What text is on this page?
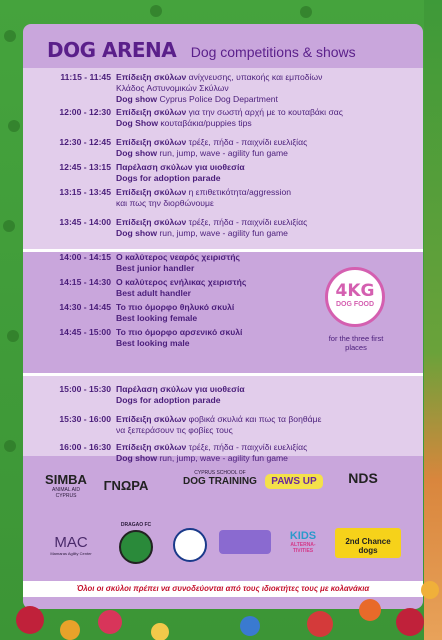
DOG ARENA Dog competitions & shows
11:15 - 11:45 Επίδειξη σκύλων ανίχνευσης, υπακοής και εμποδίων
Κλάδος Αστυνομικών Σκύλων
Dog show Cyprus Police Dog Department
12:00 - 12:30 Επίδειξη σκύλων για την σωστή αρχή με το κουταβάκι σας
Dog Show κουταβάκια/puppies tips
12:30 - 12:45 Επίδειξη σκύλων τρέξε, πήδα - παιχνίδι ευελιξίας
Dog show run, jump, wave - agility fun game
12:45 - 13:15 Παρέλαση σκύλων για υιοθεσία
Dogs for adoption parade
13:15 - 13:45 Επίδειξη σκύλων η επιθετικότητα/aggression
και πως την διορθώνουμε
13:45 - 14:00 Επίδειξη σκύλων τρέξε, πήδα - παιχνίδι ευελιξίας
Dog show run, jump, wave - agility fun game
14:00 - 14:15 Ο καλύτερος νεαρός χειριστής
Best junior handler
14:15 - 14:30 Ο καλύτερος ενήλικας χειριστής
Best adult handler
14:30 - 14:45 Το πιο όμορφο θηλυκό σκυλί
Best looking female
14:45 - 15:00 Το πιο όμορφο αρσενικό σκυλί
Best looking male
15:00 - 15:30 Παρέλαση σκύλων για υιοθεσία
Dogs for adoption parade
15:30 - 16:00 Επίδειξη σκύλων φοβικά σκυλιά και πως τα βοηθάμε
να ξεπεράσουν τις φοβίες τους
16:00 - 16:30 Επίδειξη σκύλων τρέξε, πήδα - παιχνίδι ευελιξίας
Dog show run, jump, wave - agility fun game
4KG
DOG FOOD
for the three first places
SIMBA
ANIMAL AID CYPRUS
ΓΝΩΡΑ
CYPRUS SCHOOL OF
DOG TRAINING	PAWS UP	NDS
MAC
Mamaras Agility Center
DRAGAO FC
KIDS
ALTERNA-TIVITIES
2nd Chance dogs
Όλοι οι σκύλοι πρέπει να συνοδεύονται από τους ιδιοκτήτες τους με κολανάκια
